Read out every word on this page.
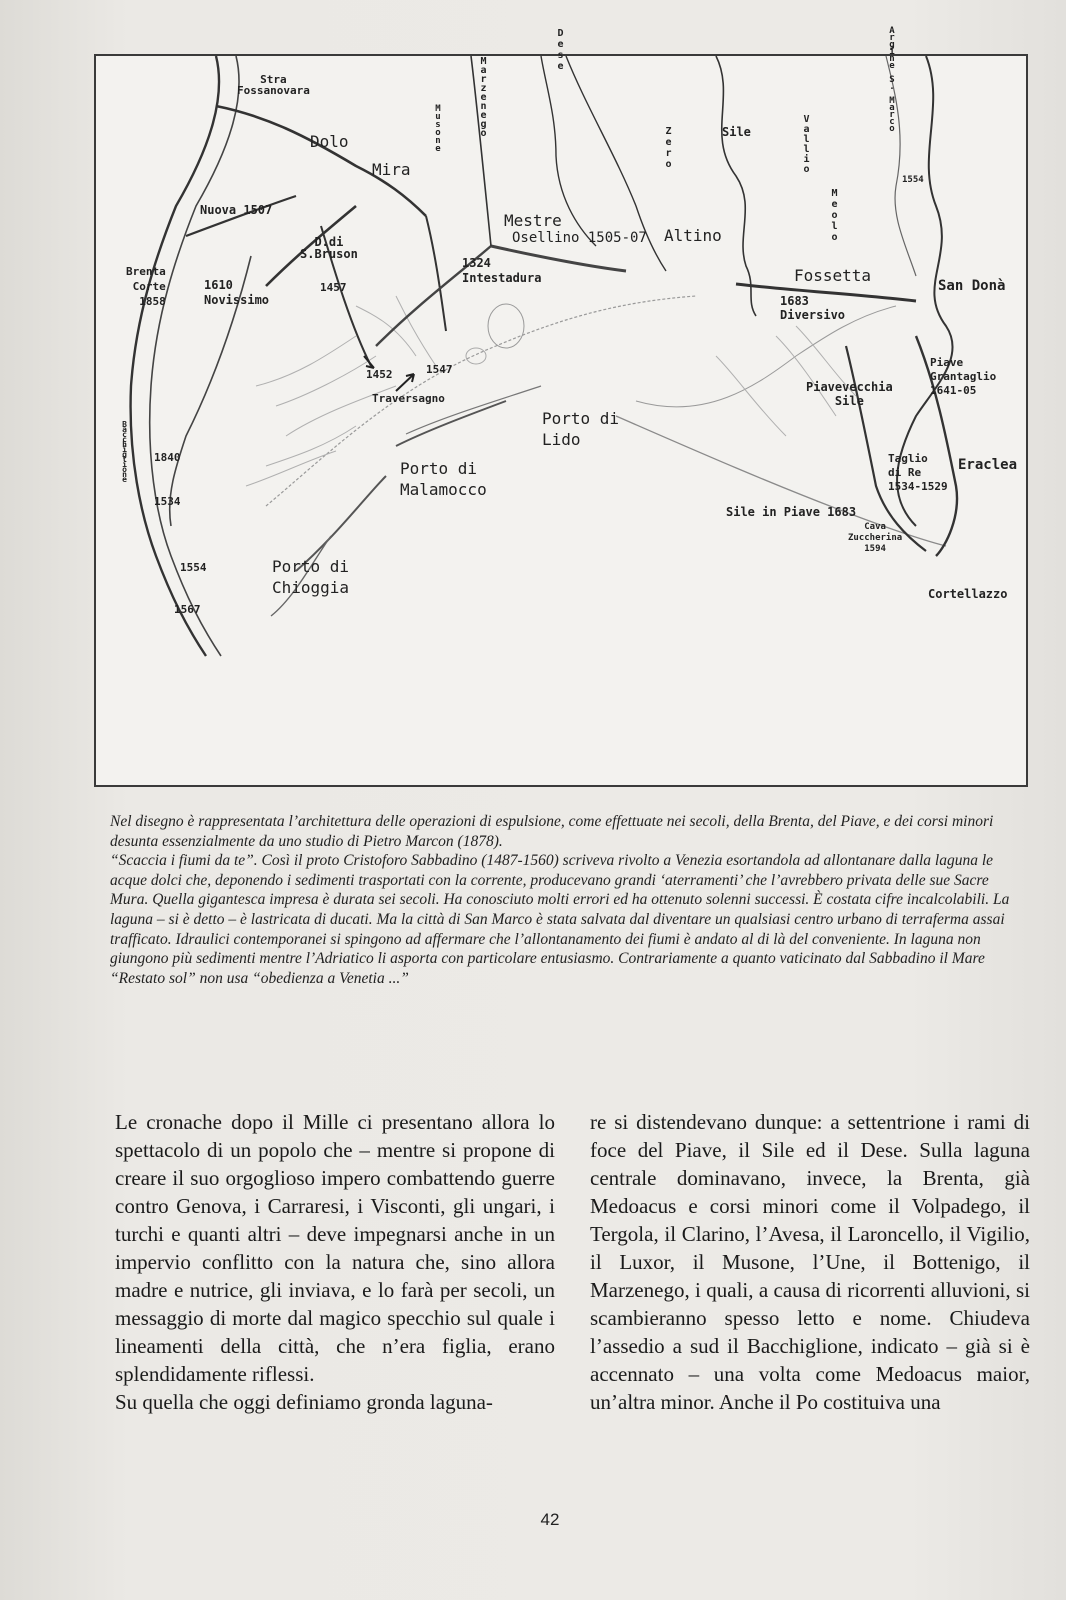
Stra
Fossanovara
Dolo
Mira
Nuova 1507
D.di
S.Bruson
Brenta
Corte
1858
1610
Novissimo
1457
1452	1547
Traversagno
Mestre
Osellino 1505-07
1324
Intestadura
Altino
Sile
Fossetta
1683
Diversivo
San Donà
Piave
Grantaglio
1641-05
Piavevecchia
Sile
Porto di
Lido
Porto di
Malamocco
Porto di
Chioggia
1840
1534
1554
1567
Taglio
di Re
1534-1529
Eraclea
Sile in Piave 1683
Cava
Zuccherina
1594
Cortellazzo
1554
Marzenego
Dese
Zero	Vallio
Meolo
Argine S. Marco
Musone
Bacchiglione

Nel disegno è rappresentata l’architettura delle operazioni di espulsione, come effettuate nei secoli, della Brenta, del Piave, e dei corsi minori desunta essenzialmente da uno studio di Pietro Marcon (1878).

“Scaccia i fiumi da te”. Così il proto Cristoforo Sabbadino (1487-1560) scriveva rivolto a Venezia esortandola ad allontanare dalla laguna le acque dolci che, deponendo i sedimenti trasportati con la corrente, producevano grandi ‘aterramenti’ che l’avrebbero privata delle sue Sacre Mura. Quella gigantesca impresa è durata sei secoli. Ha conosciuto molti errori ed ha ottenuto solenni successi. È costata cifre incalcolabili. La laguna – si è detto – è lastricata di ducati. Ma la città di San Marco è stata salvata dal diventare un qualsiasi centro urbano di terraferma assai trafficato. Idraulici contemporanei si spingono ad affermare che l’allontanamento dei fiumi è andato al di là del conveniente. In laguna non giungono più sedimenti mentre l’Adriatico li asporta con particolare entusiasmo. Contrariamente a quanto vaticinato dal Sabbadino il Mare “Restato sol” non usa “obedienza a Venetia ...”

Le cronache dopo il Mille ci presentano allora lo spettacolo di un popolo che – mentre si propone di creare il suo orgoglioso impero combattendo guerre contro Genova, i Carraresi, i Visconti, gli ungari, i turchi e quanti altri – deve impegnarsi anche in un impervio conflitto con la natura che, sino allora madre e nutrice, gli inviava, e lo farà per secoli, un messaggio di morte dal magico specchio sul quale i lineamenti della città, che n’era figlia, erano splendidamente riflessi.

Su quella che oggi definiamo gronda laguna-

re si distendevano dunque: a settentrione i rami di foce del Piave, il Sile ed il Dese. Sulla laguna centrale dominavano, invece, la Brenta, già Medoacus e corsi minori come il Volpadego, il Tergola, il Clarino, l’Avesa, il Laroncello, il Vigilio, il Luxor, il Musone, l’Une, il Bottenigo, il Marzenego, i quali, a causa di ricorrenti alluvioni, si scambieranno spesso letto e nome. Chiudeva l’assedio a sud il Bacchiglione, indicato – già si è accennato – una volta come Medoacus maior, un’altra minor. Anche il Po costituiva una

42
